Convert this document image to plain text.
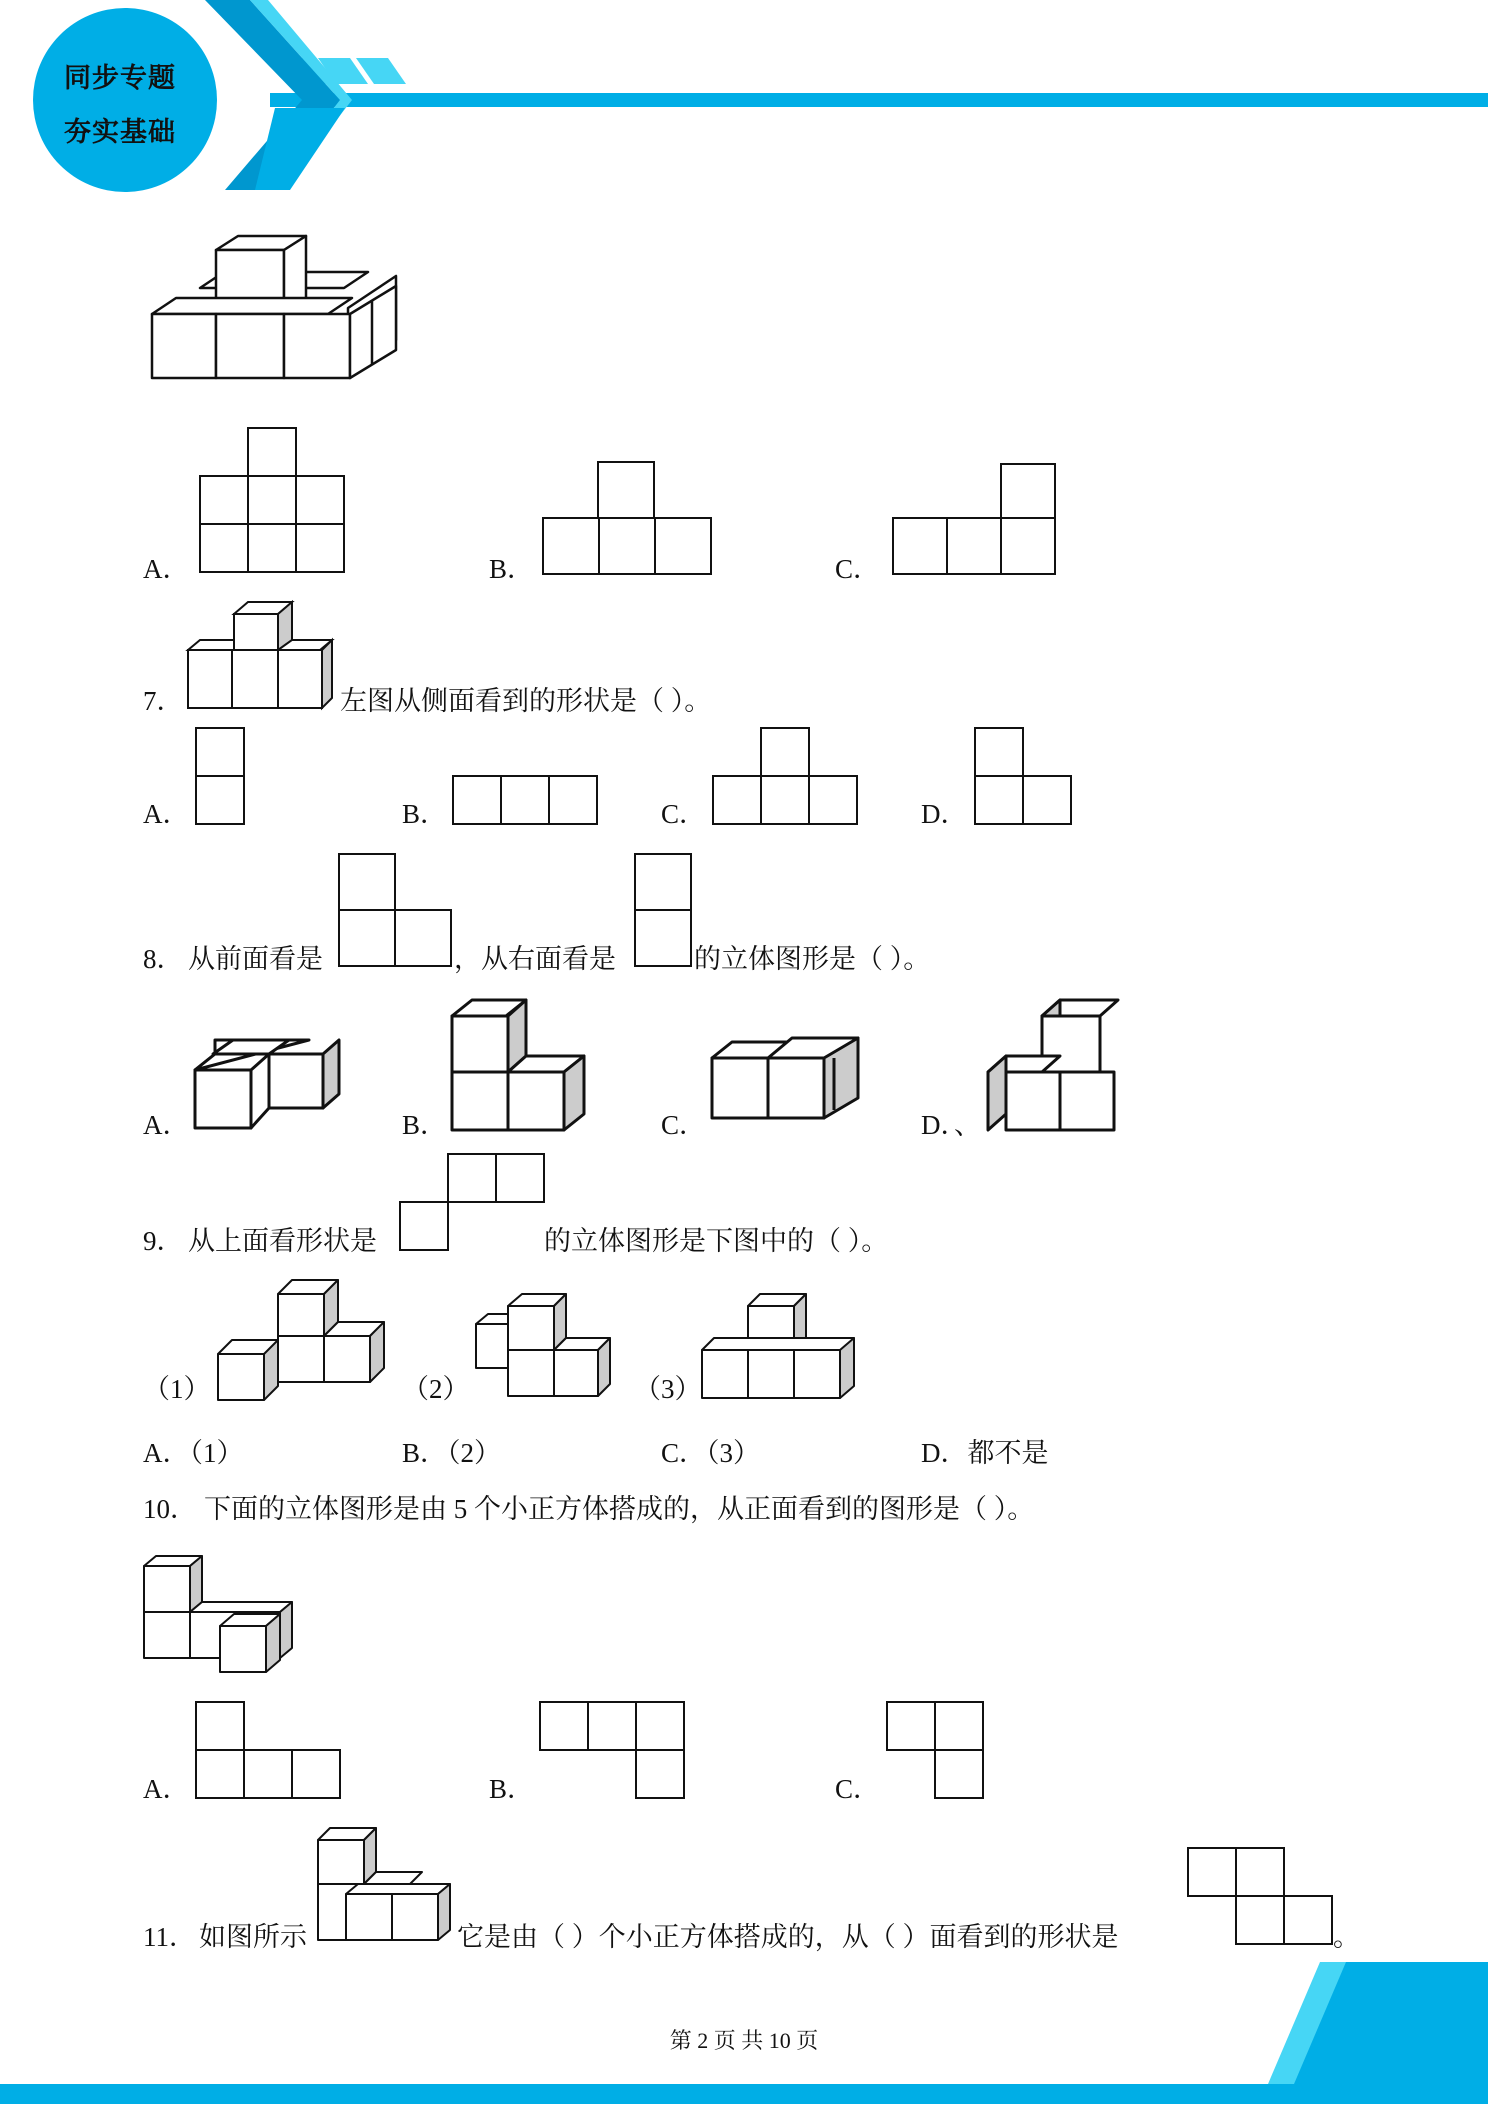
同步专题
夯实基础
A．	B．	C．
7．	左图从侧面看到的形状是（ ）。
A．	B．	C．	D．
8． 从前面看是	，从右面看是	的立体图形是（ ）。
A．	B．	C．	D．、
9． 从上面看形状是	的立体图形是下图中的（ ）。
（1）	（2）	（3）
A．（1）	B．（2）	C．（3）	D．都不是
10． 下面的立体图形是由 5 个小正方体搭成的，从正面看到的图形是（ ）。
A．	B．	C．
11． 如图所示	它是由（ ）个小正方体搭成的，从（ ）面看到的形状是	。
第 2 页 共 10 页
